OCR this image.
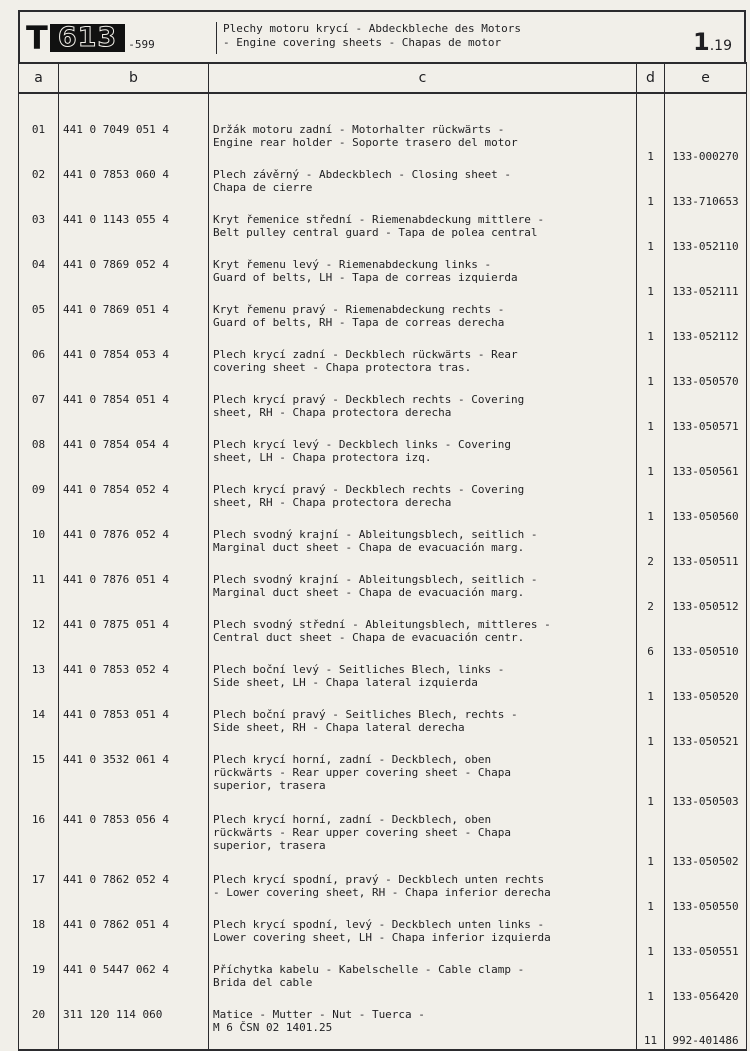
T 613	-599
Plechy motoru krycí - Abdeckbleche des Motors
- Engine covering sheets - Chapas de motor	1.19
a	b	c	d	e

01	441 0 7049 051 4	Držák motoru zadní - Motorhalter rückwärts -
Engine rear holder - Soporte trasero del motor	1	133-000270
02	441 0 7853 060 4	Plech závěrný - Abdeckblech - Closing sheet -
Chapa de cierre	1	133-710653
03	441 0 1143 055 4	Kryt řemenice střední - Riemenabdeckung mittlere -
Belt pulley central guard - Tapa de polea central	1	133-052110
04	441 0 7869 052 4	Kryt řemenu levý - Riemenabdeckung links -
Guard of belts, LH - Tapa de correas izquierda	1	133-052111
05	441 0 7869 051 4	Kryt řemenu pravý - Riemenabdeckung rechts -
Guard of belts, RH - Tapa de correas derecha	1	133-052112
06	441 0 7854 053 4	Plech krycí zadní - Deckblech rückwärts - Rear
covering sheet - Chapa protectora tras.	1	133-050570
07	441 0 7854 051 4	Plech krycí pravý - Deckblech rechts - Covering
sheet, RH - Chapa protectora derecha	1	133-050571
08	441 0 7854 054 4	Plech krycí levý - Deckblech links - Covering
sheet, LH - Chapa protectora izq.	1	133-050561
09	441 0 7854 052 4	Plech krycí pravý - Deckblech rechts - Covering
sheet, RH - Chapa protectora derecha	1	133-050560
10	441 0 7876 052 4	Plech svodný krajní - Ableitungsblech, seitlich -
Marginal duct sheet - Chapa de evacuación marg.	2	133-050511
11	441 0 7876 051 4	Plech svodný krajní - Ableitungsblech, seitlich -
Marginal duct sheet - Chapa de evacuación marg.	2	133-050512
12	441 0 7875 051 4	Plech svodný střední - Ableitungsblech, mittleres -
Central duct sheet - Chapa de evacuación centr.	6	133-050510
13	441 0 7853 052 4	Plech boční levý - Seitliches Blech, links -
Side sheet, LH - Chapa lateral izquierda	1	133-050520
14	441 0 7853 051 4	Plech boční pravý - Seitliches Blech, rechts -
Side sheet, RH - Chapa lateral derecha	1	133-050521
15	441 0 3532 061 4	Plech krycí horní, zadní - Deckblech, oben
rückwärts - Rear upper covering sheet - Chapa
superior, trasera	1	133-050503
16	441 0 7853 056 4	Plech krycí horní, zadní - Deckblech, oben
rückwärts - Rear upper covering sheet - Chapa
superior, trasera	1	133-050502
17	441 0 7862 052 4	Plech krycí spodní, pravý - Deckblech unten rechts
- Lower covering sheet, RH - Chapa inferior derecha	1	133-050550
18	441 0 7862 051 4	Plech krycí spodní, levý - Deckblech unten links -
Lower covering sheet, LH - Chapa inferior izquierda	1	133-050551
19	441 0 5447 062 4	Příchytka kabelu - Kabelschelle - Cable clamp -
Brida del cable	1	133-056420
20	311 120 114 060	Matice - Mutter - Nut - Tuerca -
M 6 ČSN 02 1401.25	11	992-401486
